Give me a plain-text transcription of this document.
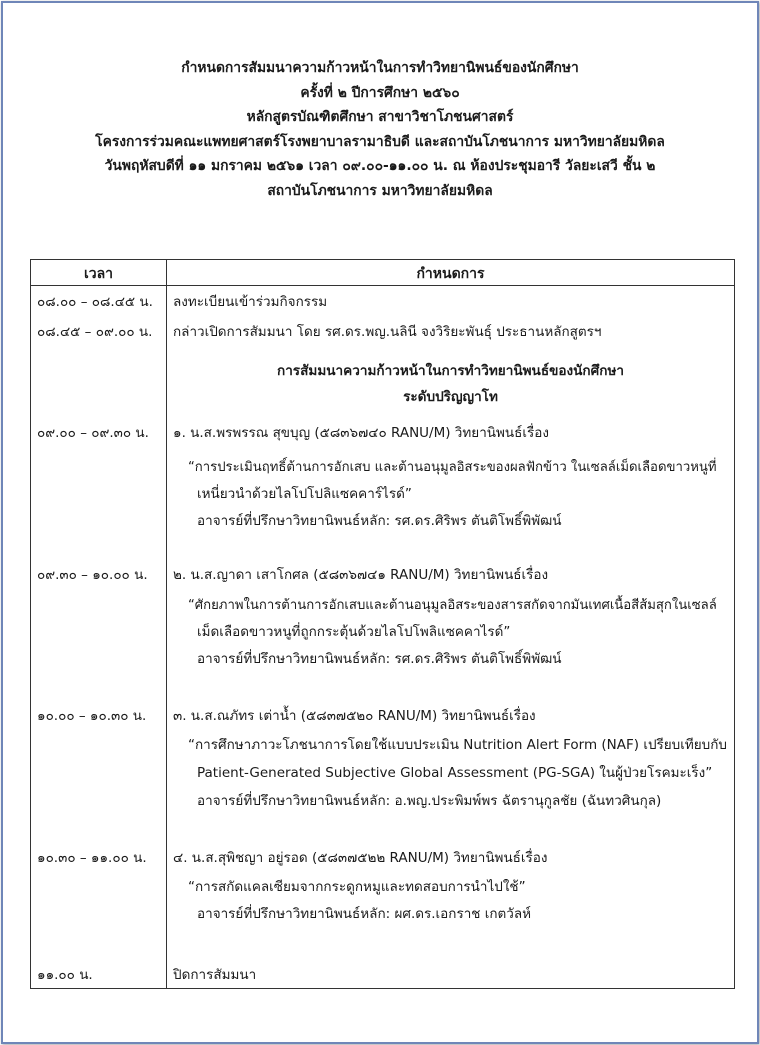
กำหนดการสัมมนาความก้าวหน้าในการทำวิทยานิพนธ์ของนักศึกษา
ครั้งที่ ๒ ปีการศึกษา ๒๕๖๐
หลักสูตรบัณฑิตศึกษา สาขาวิชาโภชนศาสตร์
โครงการร่วมคณะแพทยศาสตร์โรงพยาบาลรามาธิบดี และสถาบันโภชนาการ มหาวิทยาลัยมหิดล
วันพฤหัสบดีที่ ๑๑ มกราคม ๒๕๖๑ เวลา ๐๙.๐๐-๑๑.๐๐ น. ณ ห้องประชุมอารี วัลยะเสวี ชั้น ๒
สถาบันโภชนาการ มหาวิทยาลัยมหิดล
เวลา	กำหนดการ
๐๘.๐๐ – ๐๘.๔๕ น.	ลงทะเบียนเข้าร่วมกิจกรรม
๐๘.๔๕ – ๐๙.๐๐ น.	กล่าวเปิดการสัมมนา โดย รศ.ดร.พญ.นลินี จงวิริยะพันธุ์ ประธานหลักสูตรฯ
การสัมมนาความก้าวหน้าในการทำวิทยานิพนธ์ของนักศึกษา
ระดับปริญญาโท
๐๙.๐๐ – ๐๙.๓๐ น.	๑. น.ส.พรพรรณ สุขบุญ (๕๘๓๖๗๔๐ RANU/M) วิทยานิพนธ์เรื่อง
“การประเมินฤทธิ์ต้านการอักเสบ และต้านอนุมูลอิสระของผลฟักข้าว ในเซลล์เม็ดเลือดขาวหนูที่
เหนี่ยวนำด้วยไลโปโปลิแซคคาร์ไรด์”
อาจารย์ที่ปรึกษาวิทยานิพนธ์หลัก: รศ.ดร.ศิริพร ตันติโพธิ์พิพัฒน์
๐๙.๓๐ – ๑๐.๐๐ น.	๒. น.ส.ญาดา เสาโกศล (๕๘๓๖๗๔๑ RANU/M) วิทยานิพนธ์เรื่อง
“ศักยภาพในการต้านการอักเสบและต้านอนุมูลอิสระของสารสกัดจากมันเทศเนื้อสีส้มสุกในเซลล์
เม็ดเลือดขาวหนูที่ถูกกระตุ้นด้วยไลโปโพลิแซคคาไรด์”
อาจารย์ที่ปรึกษาวิทยานิพนธ์หลัก: รศ.ดร.ศิริพร ตันติโพธิ์พิพัฒน์
๑๐.๐๐ – ๑๐.๓๐ น.	๓. น.ส.ณภัทร เต่าน้ำ (๕๘๓๗๕๒๐ RANU/M) วิทยานิพนธ์เรื่อง
“การศึกษาภาวะโภชนาการโดยใช้แบบประเมิน Nutrition Alert Form (NAF) เปรียบเทียบกับ
Patient-Generated Subjective Global Assessment (PG-SGA) ในผู้ป่วยโรคมะเร็ง”
อาจารย์ที่ปรึกษาวิทยานิพนธ์หลัก: อ.พญ.ประพิมพ์พร ฉัตรานุกูลชัย (ฉันทวศินกุล)
๑๐.๓๐ – ๑๑.๐๐ น.	๔. น.ส.สุพิชญา อยู่รอด (๕๘๓๗๕๒๒ RANU/M) วิทยานิพนธ์เรื่อง
“การสกัดแคลเซียมจากกระดูกหมูและทดสอบการนำไปใช้”
อาจารย์ที่ปรึกษาวิทยานิพนธ์หลัก: ผศ.ดร.เอกราช เกตวัลห์
๑๑.๐๐ น.	ปิดการสัมมนา
